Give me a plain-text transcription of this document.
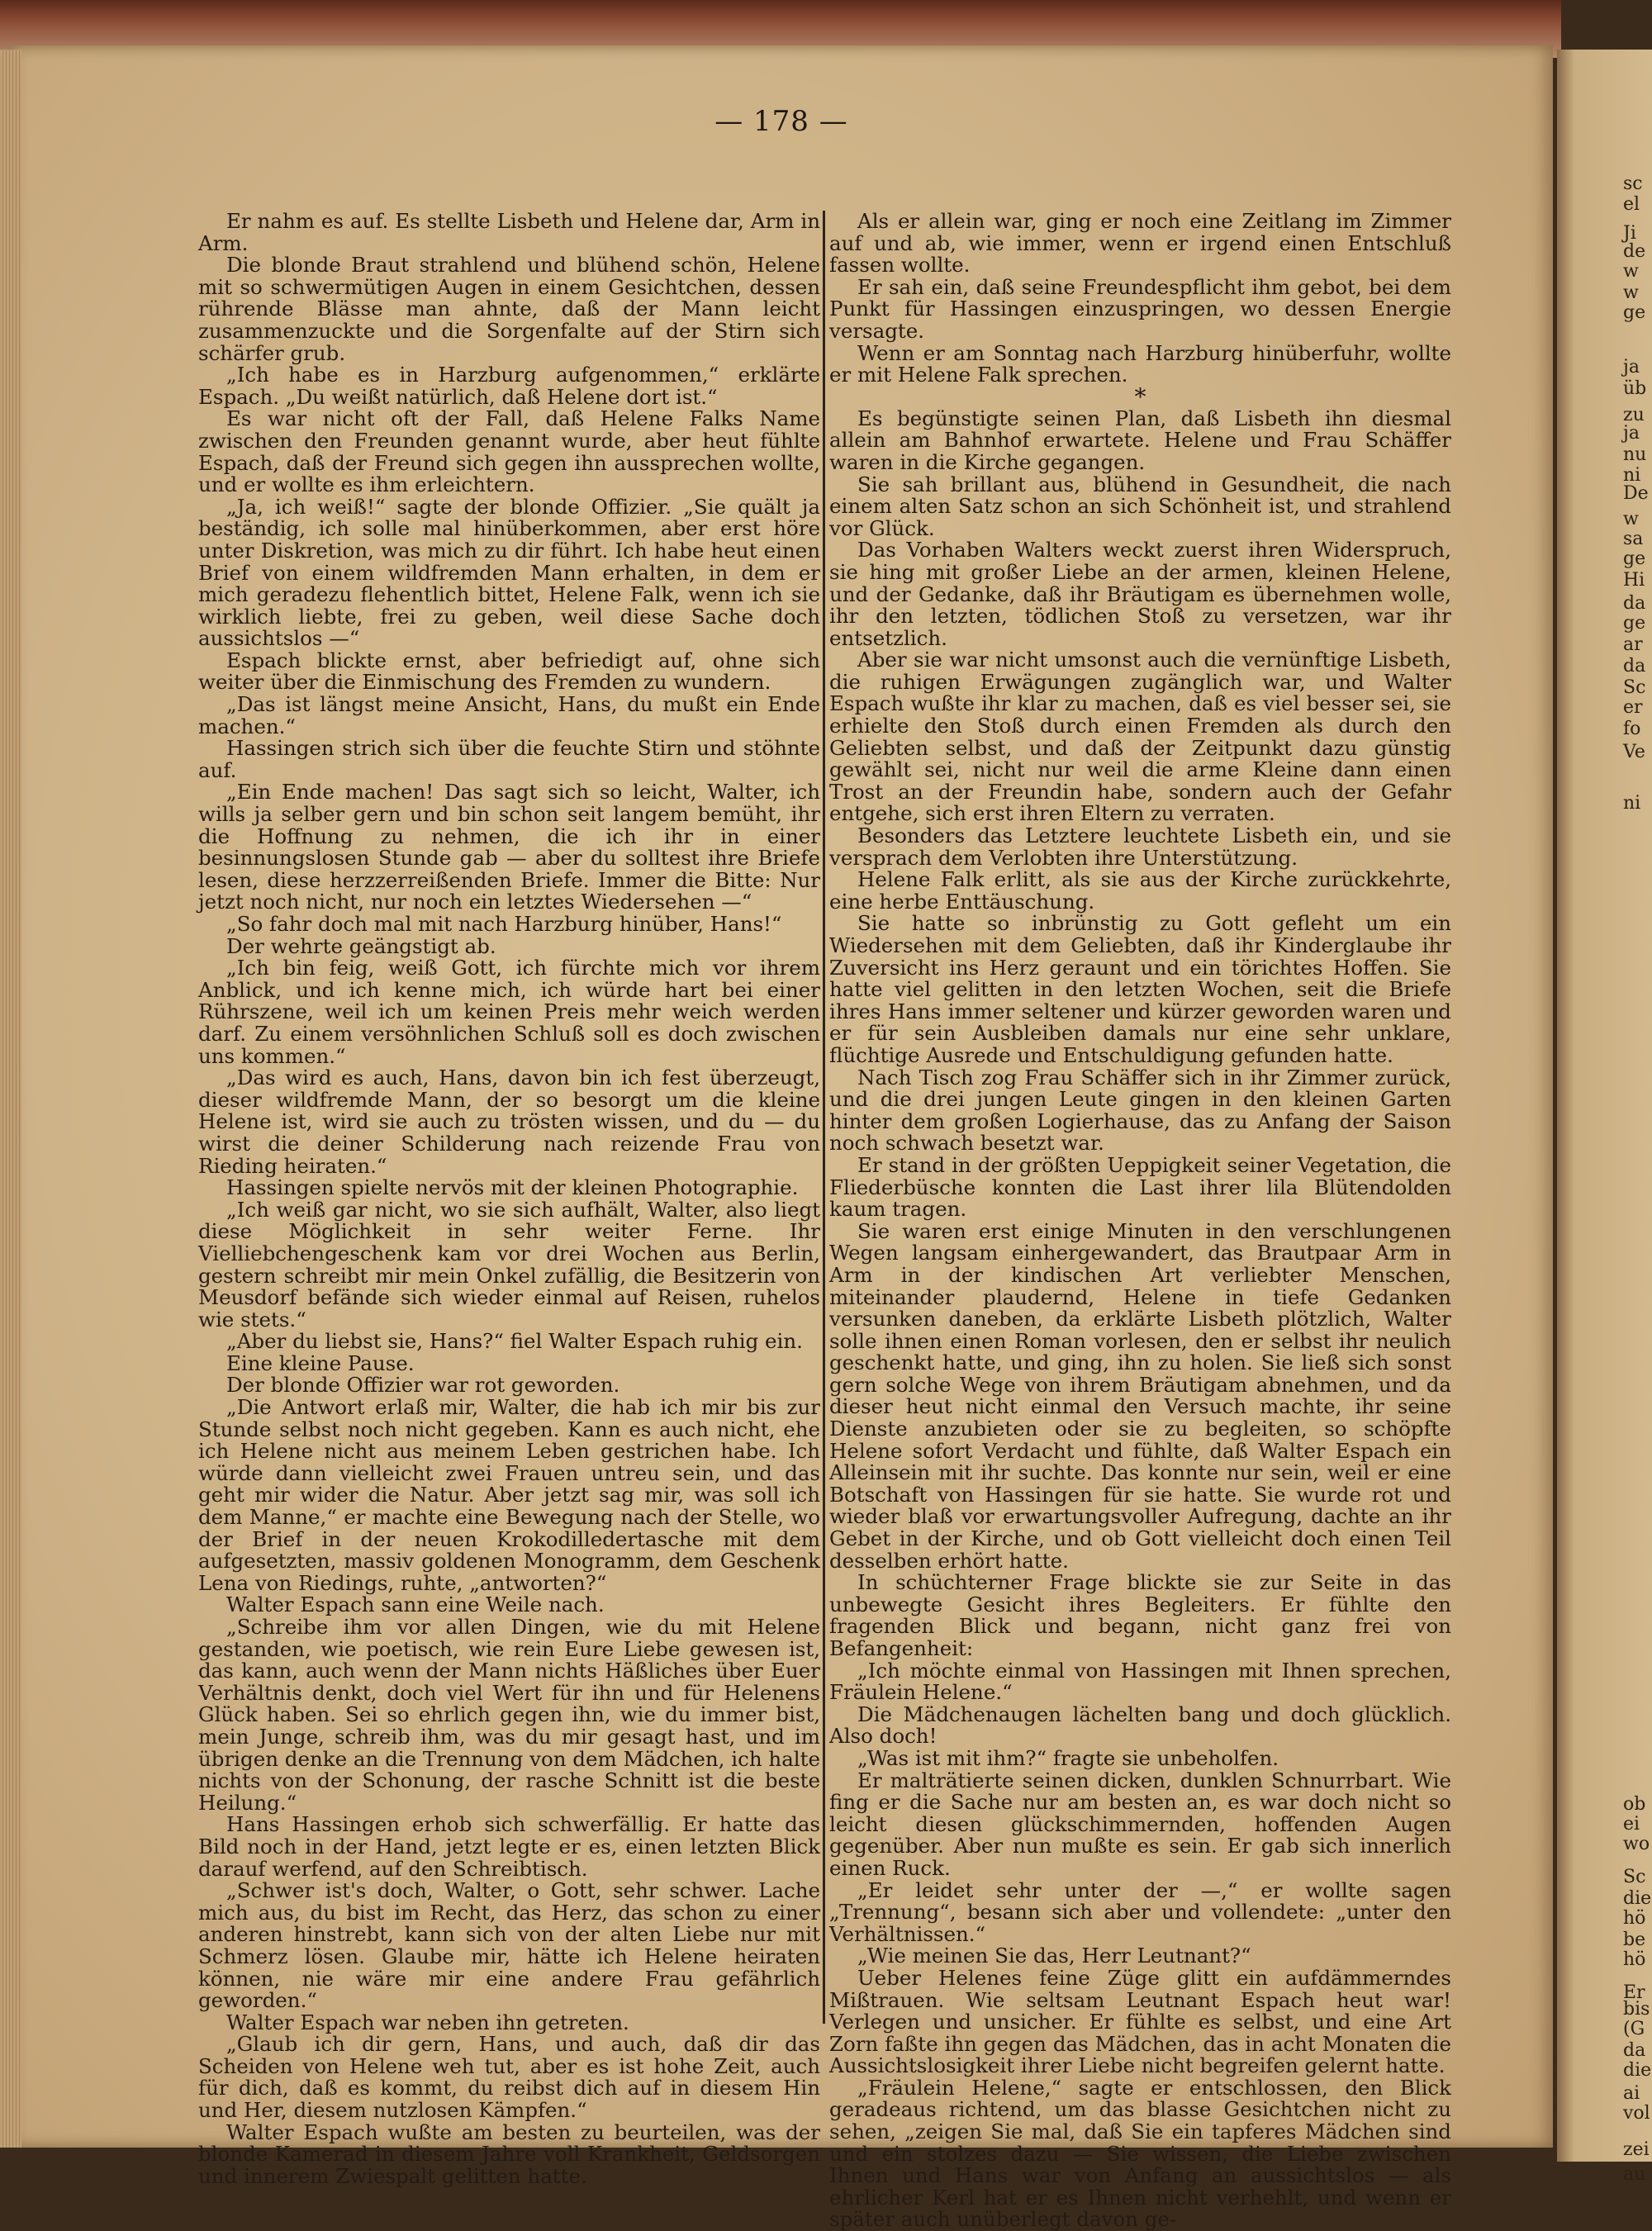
— 178 —

Er nahm es auf. Es stellte Lisbeth und Helene dar, Arm in Arm.

Die blonde Braut strahlend und blühend schön, Helene mit so schwermütigen Augen in einem Gesichtchen, dessen rührende Blässe man ahnte, daß der Mann leicht zusammenzuckte und die Sorgenfalte auf der Stirn sich schärfer grub.

„Ich habe es in Harzburg aufgenommen,“ erklärte Espach. „Du weißt natürlich, daß Helene dort ist.“

Es war nicht oft der Fall, daß Helene Falks Name zwischen den Freunden genannt wurde, aber heut fühlte Espach, daß der Freund sich gegen ihn aussprechen wollte, und er wollte es ihm erleichtern.

„Ja, ich weiß!“ sagte der blonde Offizier. „Sie quält ja beständig, ich solle mal hinüberkommen, aber erst höre unter Diskretion, was mich zu dir führt. Ich habe heut einen Brief von einem wildfremden Mann erhalten, in dem er mich geradezu flehentlich bittet, Helene Falk, wenn ich sie wirklich liebte, frei zu geben, weil diese Sache doch aussichtslos —“

Espach blickte ernst, aber befriedigt auf, ohne sich weiter über die Einmischung des Fremden zu wundern.

„Das ist längst meine Ansicht, Hans, du mußt ein Ende machen.“

Hassingen strich sich über die feuchte Stirn und stöhnte auf.

„Ein Ende machen! Das sagt sich so leicht, Walter, ich wills ja selber gern und bin schon seit langem bemüht, ihr die Hoffnung zu nehmen, die ich ihr in einer besinnungslosen Stunde gab — aber du solltest ihre Briefe lesen, diese herzzerreißenden Briefe. Immer die Bitte: Nur jetzt noch nicht, nur noch ein letztes Wiedersehen —“

„So fahr doch mal mit nach Harzburg hinüber, Hans!“

Der wehrte geängstigt ab.

„Ich bin feig, weiß Gott, ich fürchte mich vor ihrem Anblick, und ich kenne mich, ich würde hart bei einer Rührszene, weil ich um keinen Preis mehr weich werden darf. Zu einem versöhnlichen Schluß soll es doch zwischen uns kommen.“

„Das wird es auch, Hans, davon bin ich fest überzeugt, dieser wildfremde Mann, der so besorgt um die kleine Helene ist, wird sie auch zu trösten wissen, und du — du wirst die deiner Schilderung nach reizende Frau von Rieding heiraten.“

Hassingen spielte nervös mit der kleinen Photographie.

„Ich weiß gar nicht, wo sie sich aufhält, Walter, also liegt diese Möglichkeit in sehr weiter Ferne. Ihr Vielliebchengeschenk kam vor drei Wochen aus Berlin, gestern schreibt mir mein Onkel zufällig, die Besitzerin von Meusdorf befände sich wieder einmal auf Reisen, ruhelos wie stets.“

„Aber du liebst sie, Hans?“ fiel Walter Espach ruhig ein.

Eine kleine Pause.

Der blonde Offizier war rot geworden.

„Die Antwort erlaß mir, Walter, die hab ich mir bis zur Stunde selbst noch nicht gegeben. Kann es auch nicht, ehe ich Helene nicht aus meinem Leben gestrichen habe. Ich würde dann vielleicht zwei Frauen untreu sein, und das geht mir wider die Natur. Aber jetzt sag mir, was soll ich dem Manne,“ er machte eine Bewegung nach der Stelle, wo der Brief in der neuen Krokodilledertasche mit dem aufgesetzten, massiv goldenen Monogramm, dem Geschenk Lena von Riedings, ruhte, „antworten?“

Walter Espach sann eine Weile nach.

„Schreibe ihm vor allen Dingen, wie du mit Helene gestanden, wie poetisch, wie rein Eure Liebe gewesen ist, das kann, auch wenn der Mann nichts Häßliches über Euer Verhältnis denkt, doch viel Wert für ihn und für Helenens Glück haben. Sei so ehrlich gegen ihn, wie du immer bist, mein Junge, schreib ihm, was du mir gesagt hast, und im übrigen denke an die Trennung von dem Mädchen, ich halte nichts von der Schonung, der rasche Schnitt ist die beste Heilung.“

Hans Hassingen erhob sich schwerfällig. Er hatte das Bild noch in der Hand, jetzt legte er es, einen letzten Blick darauf werfend, auf den Schreibtisch.

„Schwer ist's doch, Walter, o Gott, sehr schwer. Lache mich aus, du bist im Recht, das Herz, das schon zu einer anderen hinstrebt, kann sich von der alten Liebe nur mit Schmerz lösen. Glaube mir, hätte ich Helene heiraten können, nie wäre mir eine andere Frau gefährlich geworden.“

Walter Espach war neben ihn getreten.

„Glaub ich dir gern, Hans, und auch, daß dir das Scheiden von Helene weh tut, aber es ist hohe Zeit, auch für dich, daß es kommt, du reibst dich auf in diesem Hin und Her, diesem nutzlosen Kämpfen.“

Walter Espach wußte am besten zu beurteilen, was der blonde Kamerad in diesem Jahre voll Krankheit, Geldsorgen und innerem Zwiespalt gelitten hatte.

Als er allein war, ging er noch eine Zeitlang im Zimmer auf und ab, wie immer, wenn er irgend einen Entschluß fassen wollte.

Er sah ein, daß seine Freundespflicht ihm gebot, bei dem Punkt für Hassingen einzuspringen, wo dessen Energie versagte.

Wenn er am Sonntag nach Harzburg hinüberfuhr, wollte er mit Helene Falk sprechen.

*

Es begünstigte seinen Plan, daß Lisbeth ihn diesmal allein am Bahnhof erwartete. Helene und Frau Schäffer waren in die Kirche gegangen.

Sie sah brillant aus, blühend in Gesundheit, die nach einem alten Satz schon an sich Schönheit ist, und strahlend vor Glück.

Das Vorhaben Walters weckt zuerst ihren Widerspruch, sie hing mit großer Liebe an der armen, kleinen Helene, und der Gedanke, daß ihr Bräutigam es übernehmen wolle, ihr den letzten, tödlichen Stoß zu versetzen, war ihr entsetzlich.

Aber sie war nicht umsonst auch die vernünftige Lisbeth, die ruhigen Erwägungen zugänglich war, und Walter Espach wußte ihr klar zu machen, daß es viel besser sei, sie erhielte den Stoß durch einen Fremden als durch den Geliebten selbst, und daß der Zeitpunkt dazu günstig gewählt sei, nicht nur weil die arme Kleine dann einen Trost an der Freundin habe, sondern auch der Gefahr entgehe, sich erst ihren Eltern zu verraten.

Besonders das Letztere leuchtete Lisbeth ein, und sie versprach dem Verlobten ihre Unterstützung.

Helene Falk erlitt, als sie aus der Kirche zurückkehrte, eine herbe Enttäuschung.

Sie hatte so inbrünstig zu Gott gefleht um ein Wiedersehen mit dem Geliebten, daß ihr Kinderglaube ihr Zuversicht ins Herz geraunt und ein törichtes Hoffen. Sie hatte viel gelitten in den letzten Wochen, seit die Briefe ihres Hans immer seltener und kürzer geworden waren und er für sein Ausbleiben damals nur eine sehr unklare, flüchtige Ausrede und Entschuldigung gefunden hatte.

Nach Tisch zog Frau Schäffer sich in ihr Zimmer zurück, und die drei jungen Leute gingen in den kleinen Garten hinter dem großen Logierhause, das zu Anfang der Saison noch schwach besetzt war.

Er stand in der größten Ueppigkeit seiner Vegetation, die Fliederbüsche konnten die Last ihrer lila Blütendolden kaum tragen.

Sie waren erst einige Minuten in den verschlungenen Wegen langsam einhergewandert, das Brautpaar Arm in Arm in der kindischen Art verliebter Menschen, miteinander plaudernd, Helene in tiefe Gedanken versunken daneben, da erklärte Lisbeth plötzlich, Walter solle ihnen einen Roman vorlesen, den er selbst ihr neulich geschenkt hatte, und ging, ihn zu holen. Sie ließ sich sonst gern solche Wege von ihrem Bräutigam abnehmen, und da dieser heut nicht einmal den Versuch machte, ihr seine Dienste anzubieten oder sie zu begleiten, so schöpfte Helene sofort Verdacht und fühlte, daß Walter Espach ein Alleinsein mit ihr suchte. Das konnte nur sein, weil er eine Botschaft von Hassingen für sie hatte. Sie wurde rot und wieder blaß vor erwartungsvoller Aufregung, dachte an ihr Gebet in der Kirche, und ob Gott vielleicht doch einen Teil desselben erhört hatte.

In schüchterner Frage blickte sie zur Seite in das unbewegte Gesicht ihres Begleiters. Er fühlte den fragenden Blick und begann, nicht ganz frei von Befangenheit:

„Ich möchte einmal von Hassingen mit Ihnen sprechen, Fräulein Helene.“

Die Mädchenaugen lächelten bang und doch glücklich. Also doch!

„Was ist mit ihm?“ fragte sie unbeholfen.

Er malträtierte seinen dicken, dunklen Schnurrbart. Wie fing er die Sache nur am besten an, es war doch nicht so leicht diesen glückschimmernden, hoffenden Augen gegenüber. Aber nun mußte es sein. Er gab sich innerlich einen Ruck.

„Er leidet sehr unter der —,“ er wollte sagen „Trennung“, besann sich aber und vollendete: „unter den Verhältnissen.“

„Wie meinen Sie das, Herr Leutnant?“

Ueber Helenes feine Züge glitt ein aufdämmerndes Mißtrauen. Wie seltsam Leutnant Espach heut war! Verlegen und unsicher. Er fühlte es selbst, und eine Art Zorn faßte ihn gegen das Mädchen, das in acht Monaten die Aussichtslosigkeit ihrer Liebe nicht begreifen gelernt hatte.

„Fräulein Helene,“ sagte er entschlossen, den Blick geradeaus richtend, um das blasse Gesichtchen nicht zu sehen, „zeigen Sie mal, daß Sie ein tapferes Mädchen sind und ein stolzes dazu — Sie wissen, die Liebe zwischen Ihnen und Hans war von Anfang an aussichtslos — als ehrlicher Kerl hat er es Ihnen nicht verhehlt, und wenn er später auch unüberlegt davon ge-

sc
el
Ji
de
w
w
ge
ja
üb
zu
ja
nu
ni
De
w
sa
ge
Hi
da
ge
ar
da
Sc
er
fo
Ve
ni
ob
ei
wo
Sc
die
hö
be
hö
Er
bis
(G
da
die
ai
vol
zei
au
